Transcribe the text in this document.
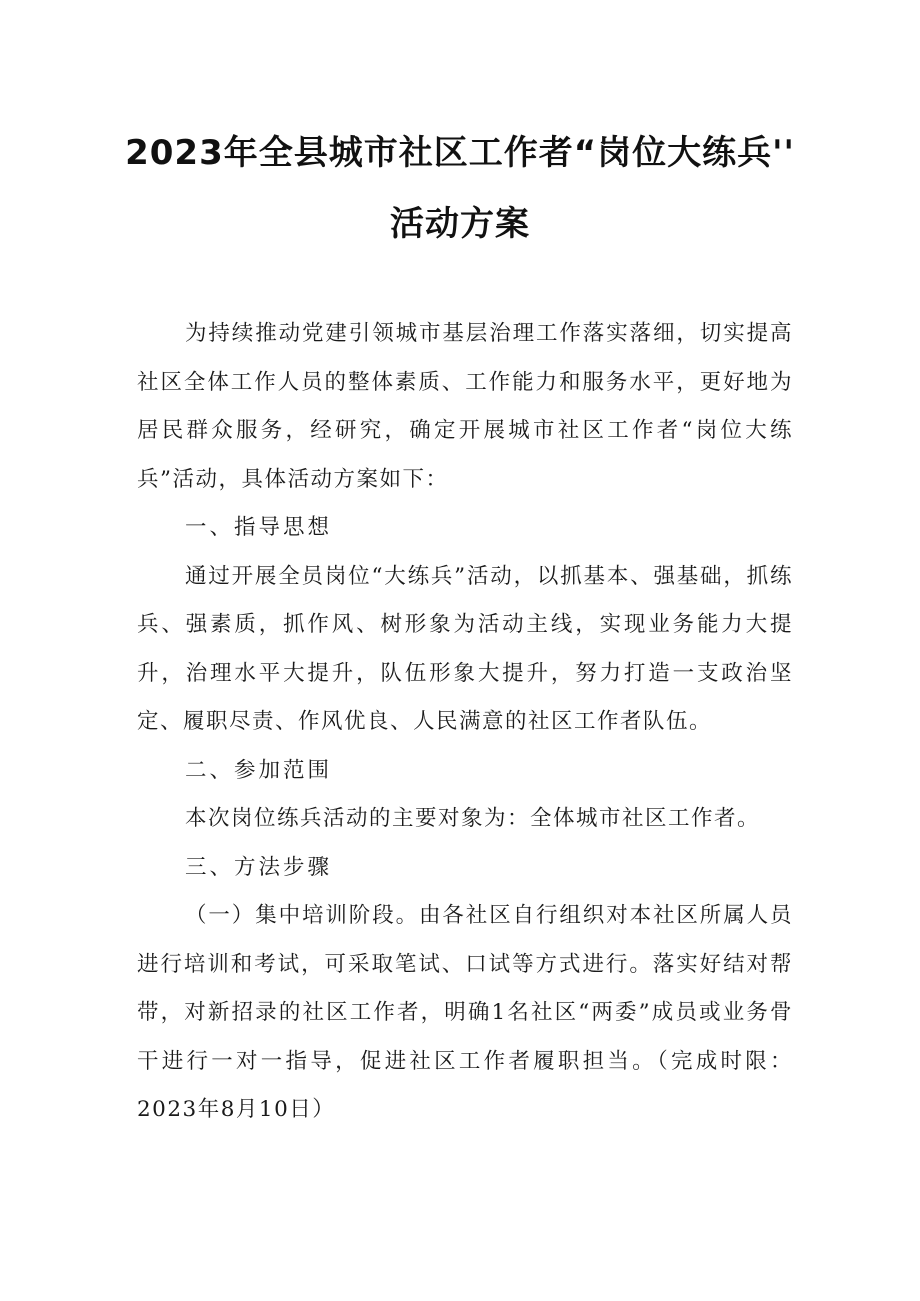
2023年全县城市社区工作者“岗位大练兵''
活动方案

为持续推动党建引领城市基层治理工作落实落细，切实提高社区全体工作人员的整体素质、工作能力和服务水平，更好地为居民群众服务，经研究，确定开展城市社区工作者“岗位大练兵”活动，具体活动方案如下：

一、指导思想

通过开展全员岗位“大练兵”活动，以抓基本、强基础，抓练兵、强素质，抓作风、树形象为活动主线，实现业务能力大提升，治理水平大提升，队伍形象大提升，努力打造一支政治坚定、履职尽责、作风优良、人民满意的社区工作者队伍。

二、参加范围

本次岗位练兵活动的主要对象为：全体城市社区工作者。

三、方法步骤

（一）集中培训阶段。由各社区自行组织对本社区所属人员进行培训和考试，可采取笔试、口试等方式进行。落实好结对帮带，对新招录的社区工作者，明确1名社区“两委”成员或业务骨干进行一对一指导，促进社区工作者履职担当。（完成时限：2023年8月10日）
